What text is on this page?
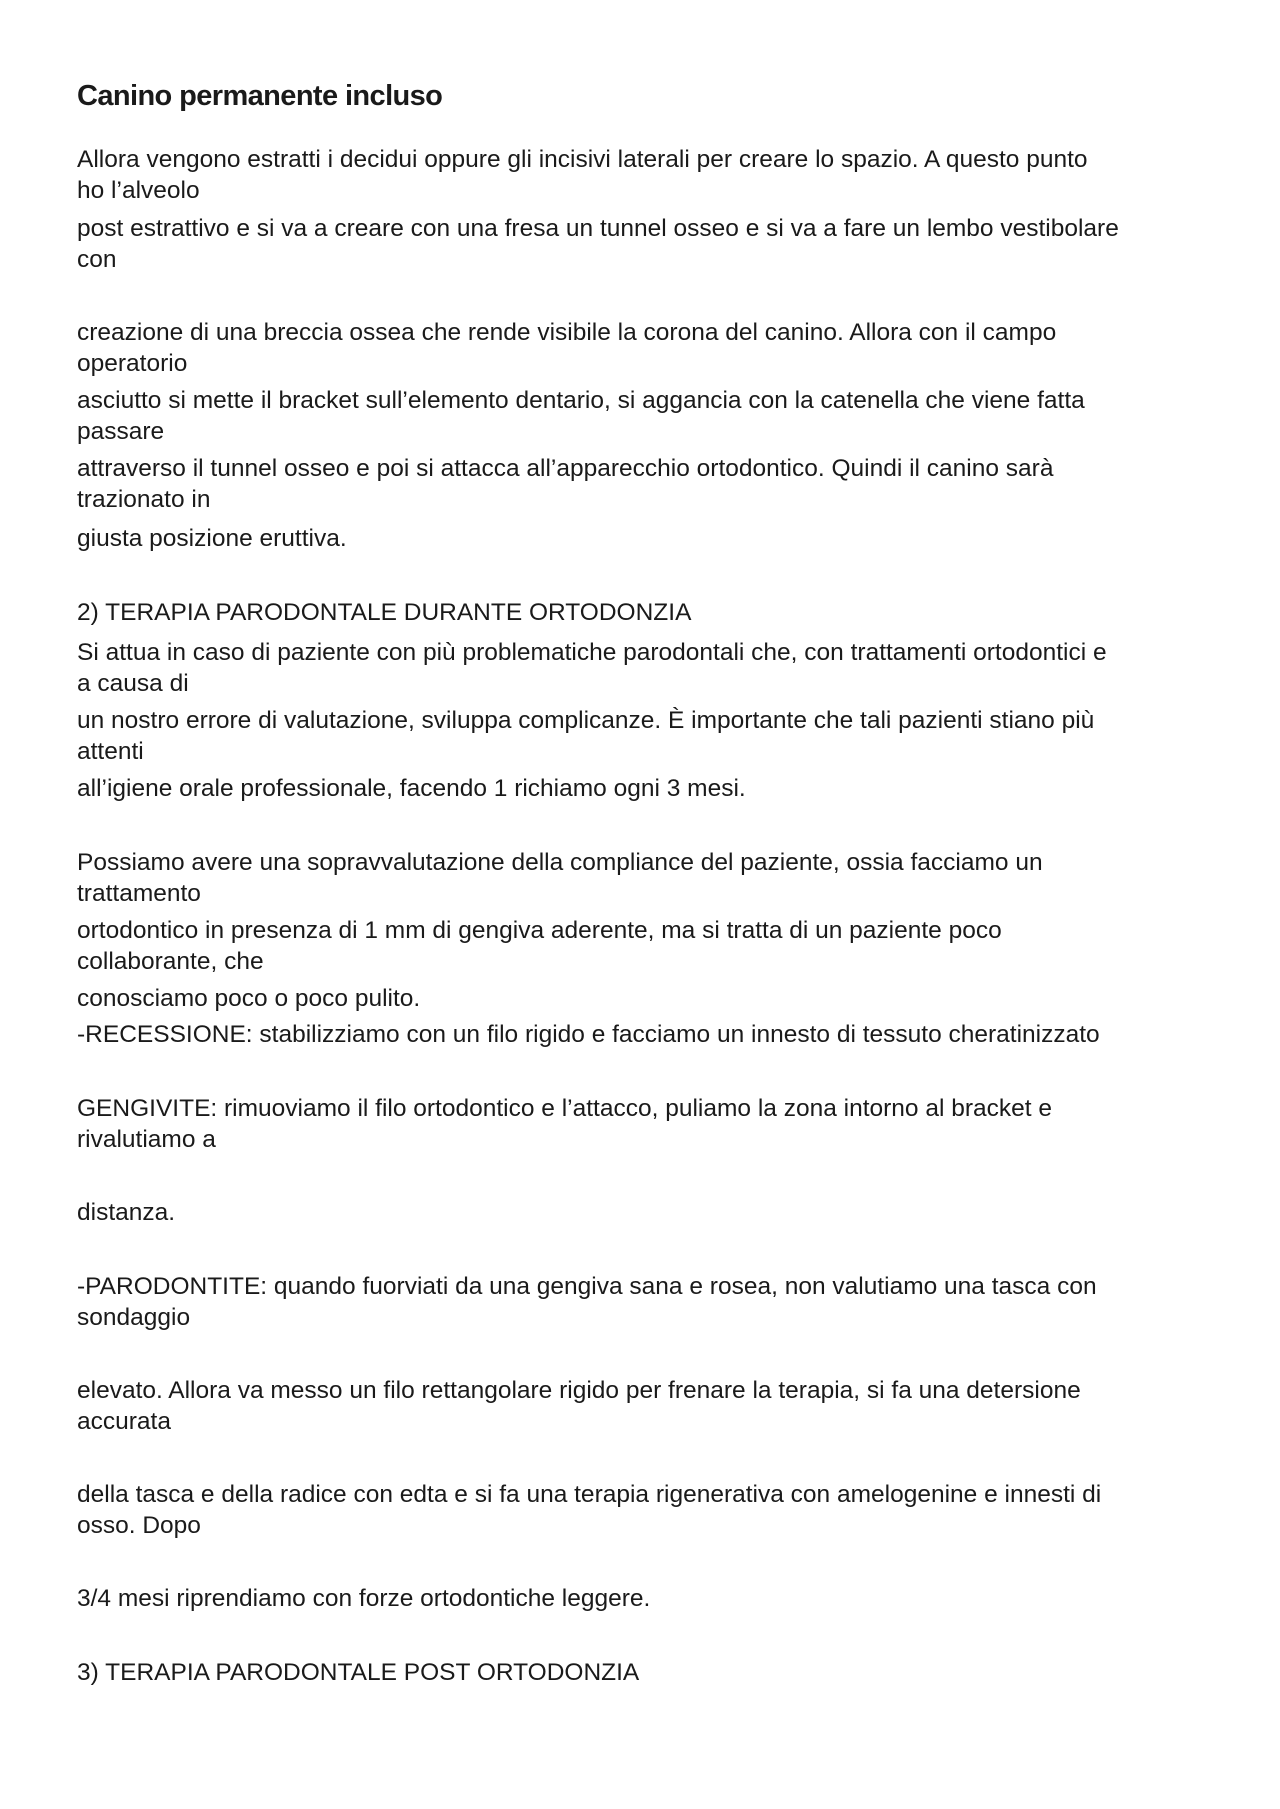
Canino permanente incluso
Allora vengono estratti i decidui oppure gli incisivi laterali per creare lo spazio. A questo punto
ho l’alveolo
post estrattivo e si va a creare con una fresa un tunnel osseo e si va a fare un lembo vestibolare
con
creazione di una breccia ossea che rende visibile la corona del canino. Allora con il campo
operatorio
asciutto si mette il bracket sull’elemento dentario, si aggancia con la catenella che viene fatta
passare
attraverso il tunnel osseo e poi si attacca all’apparecchio ortodontico. Quindi il canino sarà
trazionato in
giusta posizione eruttiva.
2) TERAPIA PARODONTALE DURANTE ORTODONZIA
Si attua in caso di paziente con più problematiche parodontali che, con trattamenti ortodontici e
a causa di
un nostro errore di valutazione, sviluppa complicanze. È importante che tali pazienti stiano più
attenti
all’igiene orale professionale, facendo 1 richiamo ogni 3 mesi.
Possiamo avere una sopravvalutazione della compliance del paziente, ossia facciamo un
trattamento
ortodontico in presenza di 1 mm di gengiva aderente, ma si tratta di un paziente poco
collaborante, che
conosciamo poco o poco pulito.
-RECESSIONE: stabilizziamo con un filo rigido e facciamo un innesto di tessuto cheratinizzato
GENGIVITE: rimuoviamo il filo ortodontico e l’attacco, puliamo la zona intorno al bracket e
rivalutiamo a
distanza.
-PARODONTITE: quando fuorviati da una gengiva sana e rosea, non valutiamo una tasca con
sondaggio
elevato. Allora va messo un filo rettangolare rigido per frenare la terapia, si fa una detersione
accurata
della tasca e della radice con edta e si fa una terapia rigenerativa con amelogenine e innesti di
osso. Dopo
3/4 mesi riprendiamo con forze ortodontiche leggere.
3) TERAPIA PARODONTALE POST ORTODONZIA
